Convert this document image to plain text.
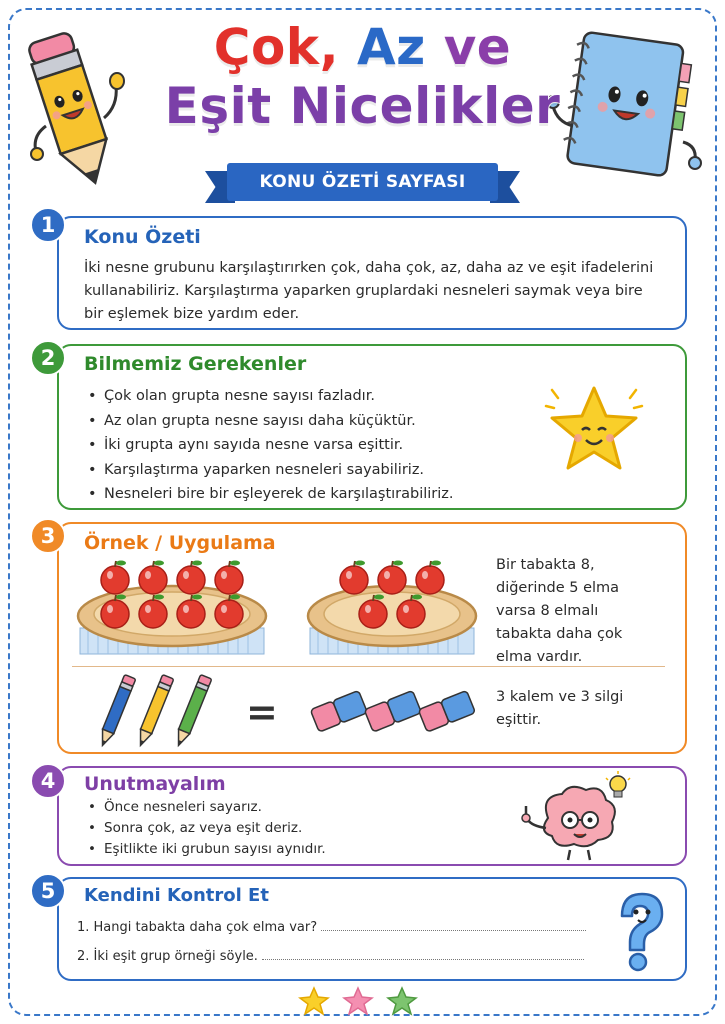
Çok, Az ve
Eşit Nicelikler
KONU ÖZETİ SAYFASI
1	Konu Özeti
İki nesne grubunu karşılaştırırken çok, daha çok, az, daha az ve eşit ifadelerini kullanabiliriz. Karşılaştırma yaparken gruplardaki nesneleri saymak veya bire bir eşlemek bize yardım eder.
2	Bilmemiz Gerekenler
• Çok olan grupta nesne sayısı fazladır.
• Az olan grupta nesne sayısı daha küçüktür.
• İki grupta aynı sayıda nesne varsa eşittir.
• Karşılaştırma yaparken nesneleri sayabiliriz.
• Nesneleri bire bir eşleyerek de karşılaştırabiliriz.
3	Örnek / Uygulama
Bir tabakta 8, diğerinde 5 elma varsa 8 elmalı tabakta daha çok elma vardır.
=	3 kalem ve 3 silgi eşittir.
4	Unutmayalım
• Önce nesneleri sayarız.
• Sonra çok, az veya eşit deriz.
• Eşitlikte iki grubun sayısı aynıdır.
5	Kendini Kontrol Et
1. Hangi tabakta daha çok elma var?
2. İki eşit grup örneği söyle.
